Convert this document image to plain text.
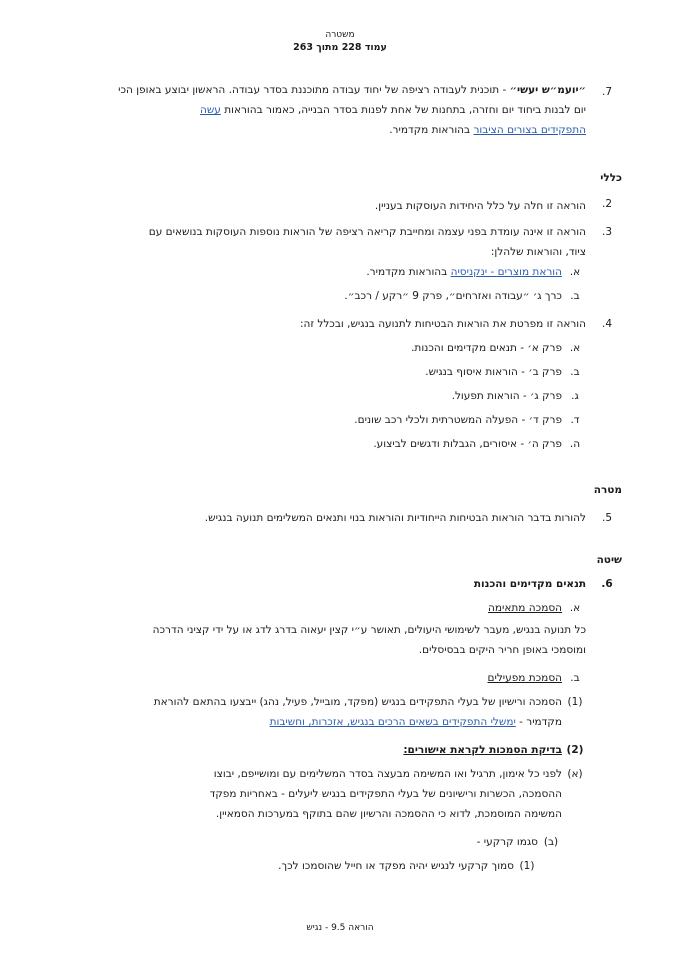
משטרה
עמוד 228 מתוך 263
7.
״יועמ״ש יעשי״ - תוכנית לעבודה רציפה של יחוד עבודה מתוכננת בסדר עבודה. הראשון יבוצע באופן הכי
יום לבנות ביחוד יום וחזרה, בתחנות של אחת לפנות בסדר הבנייה, כאמור בהוראות עשה
התפקידים בצורים הציבור בהוראות מקדמיר.
כללי
2.
הוראה זו חלה על כלל היחידות העוסקות בעניין.
3.
הוראה זו אינה עומדת בפני עצמה ומחייבת קריאה רציפה של הוראות נוספות העוסקות בנושאים עם
ציוד, והוראות שלהלן:
א.
הוראת מוצרים - ינקניסיה בהוראות מקדמיר.
ב.
כרך ג׳ ״עבודה ואזרחים״, פרק 9 ״רקע / רכב״.
4.
הוראה זו מפרטת את הוראות הבטיחות לתנועה בנגיש, ובכלל זה:
א.
פרק א׳ - תנאים מקדימים והכנות.
ב.
פרק ב׳ - הוראות איסוף בנגיש.
ג.
פרק ג׳ - הוראות תפעול.
ד.
פרק ד׳ - הפעלה המשטרתית ולכלי רכב שונים.
ה.
פרק ה׳ - איסורים, הגבלות ודגשים לביצוע.
מטרה
5.
להורות בדבר הוראות הבטיחות הייחודיות והוראות בנוי ותנאים המשלימים תנועה בנגיש.
שיטה
6.
תנאים מקדימים והכנות
א.
הסמכה מתאימה
כל תנועה בנגיש, מעבר לשימושי היעולים, תאושר ע״י קצין יעאוה בדרג לדג או על ידי קציני הדרכה
ומוסמכי באופן חריר היקים בבסיסלים.
ב.
הסמכת מפעילים
(1)
הסמכה ורישיון של בעלי התפקידים בנגיש (מפקד, מובייל, פעיל, נהג) ייבצעו בהתאם להוראת
מקדמיר - ימשלי התפקידים בשאים הרכים בנגיש, אזכרות, וחשיבות
(2)
בדיקת הסמכות לקראת אישורים:
(א)
לפני כל אימון, תרגיל ואו המשימה מבעצה בסדר המשלימים עם ומושייפם, יבוצו
ההסמכה, הכשרות ורישיונים של בעלי התפקידים בנגיש ליעלים - באחריות מפקד
המשימה המוסמכת, לדוא כי ההסמכה והרשיון שהם בתוקף במערכות הסמאיין.
(ב)
סגמו קרקעי -
(1)
סמוך קרקעי לנגיש יהיה מפקד או חייל שהוסמכו לכך.
הוראה 9.5 - נגיש
